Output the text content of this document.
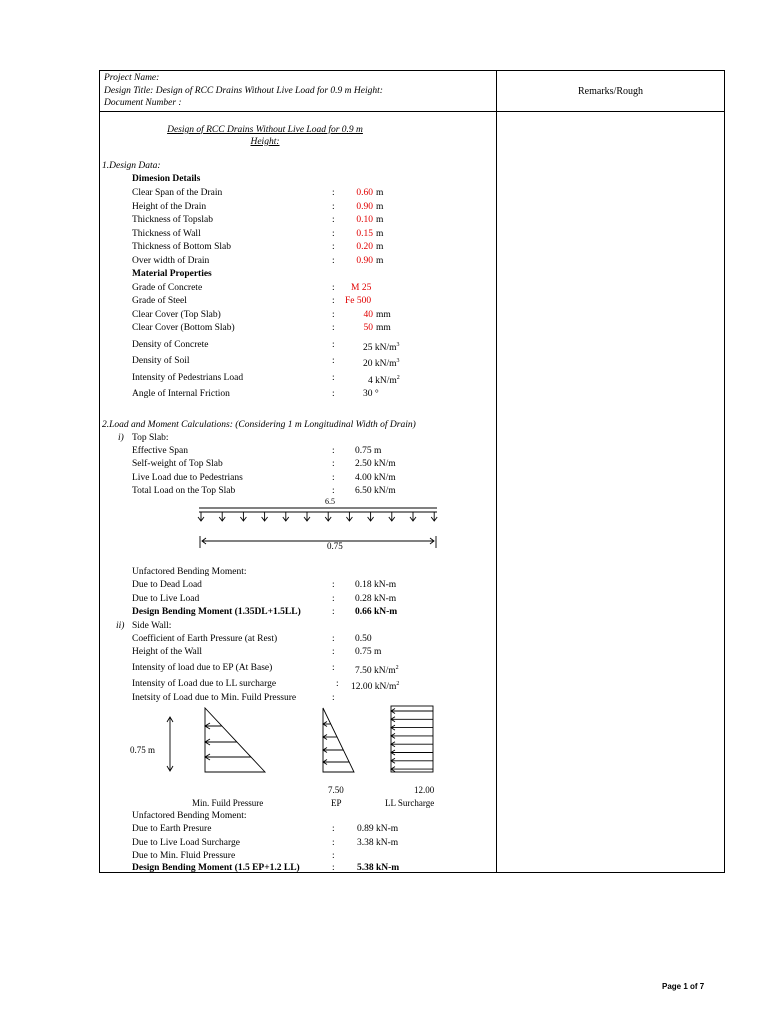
Project Name:
Design Title: Design of RCC Drains Without Live Load for 0.9 m Height:
Document Number :
Remarks/Rough
Design of RCC Drains Without Live Load for 0.9 m
Height:
1.Design Data:
Dimesion Details
Clear Span of the Drain	:	0.60 m
Height of the Drain	:	0.90 m
Thickness of Topslab	:	0.10 m
Thickness of Wall	:	0.15 m
Thickness of Bottom Slab	:	0.20 m
Over width of Drain	:	0.90 m
Material Properties
Grade of Concrete	: M 25
Grade of Steel	: Fe 500
Clear Cover (Top Slab)	:	40 mm
Clear Cover (Bottom Slab)	:	50 mm
Density of Concrete	:	25 $kN/m^3$
Density of Soil	:	20 $kN/m^3$
Intensity of Pedestrians Load	:	4 $kN/m^2$
Angle of Internal Friction	:	30 °
2.Load and Moment Calculations: (Considering 1 m Longitudinal Width of Drain)
i) Top Slab:
Effective Span	: 0.75 m
Self-weight of Top Slab	: 2.50 kN/m
Live Load due to Pedestrians	: 4.00 kN/m
Total Load on the Top Slab	: 6.50 kN/m
6.5
0.75
Unfactored Bending Moment:
Due to Dead Load	: 0.18 kN-m
Due to Live Load	: 0.28 kN-m
Design Bending Moment (1.35DL+1.5LL)	: 0.66 kN-m
ii) Side Wall:
Coefficient of Earth Pressure (at Rest)	: 0.50
Height of the Wall	: 0.75 m
Intensity of load due to EP (At Base)	: 7.50 $kN/m^2$
Intensity of Load due to LL surcharge	: 12.00 $kN/m^2$
Inetsity of Load due to Min. Fuild Pressure	:
0.75 m
7.50	12.00
Min. Fuild Pressure	EP	LL Surcharge
Unfactored Bending Moment:
Due to Earth Presure	: 0.89 kN-m
Due to Live Load Surcharge	: 3.38 kN-m
Due to Min. Fluid Pressure	:
Design Bending Moment (1.5 EP+1.2 LL)	: 5.38 kN-m
Page 1 of 7
